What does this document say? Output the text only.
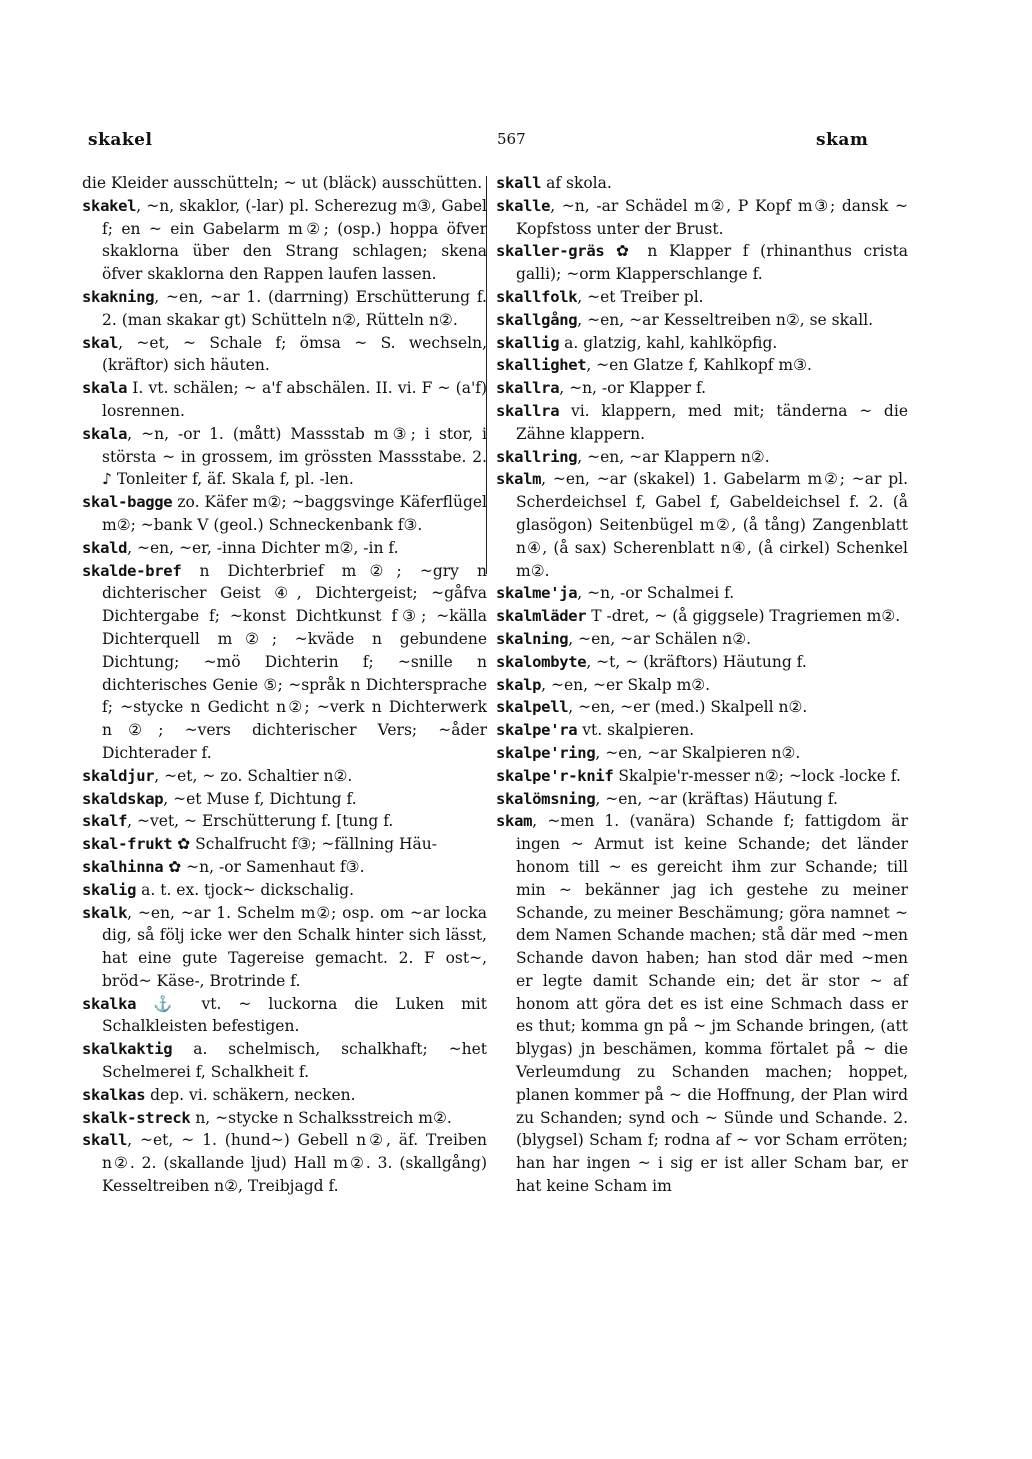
skakel	567	skam
die Kleider ausschütteln; ~ ut (bläck) ausschütten.
skakel, ~n, skaklor, (-lar) pl. Scherezug m③, Gabel f; en ~ ein Gabelarm m②; (osp.) hoppa öfver skaklorna über den Strang schlagen; skena öfver skaklorna den Rappen laufen lassen.
skakning, ~en, ~ar 1. (darrning) Erschütterung f. 2. (man skakar gt) Schütteln n②, Rütteln n②.
skal, ~et, ~ Schale f; ömsa ~ S. wechseln, (kräftor) sich häuten.
skala I. vt. schälen; ~ a'f abschälen. II. vi. F ~ (a'f) losrennen.
skala, ~n, -or 1. (mått) Massstab m③; i stor, i största ~ in grossem, im grössten Massstabe. 2. ♪ Tonleiter f, äf. Skala f, pl. -len.
skal-bagge zo. Käfer m②; ~baggsvinge Käferflügel m②; ~bank V (geol.) Schneckenbank f③.
skald, ~en, ~er, -inna Dichter m②, -in f.
skalde-bref n Dichterbrief m②; ~gry n dichterischer Geist ④, Dichtergeist; ~gåfva Dichtergabe f; ~konst Dichtkunst f③; ~källa Dichterquell m②; ~kväde n gebundene Dichtung; ~mö Dichterin f; ~snille n dichterisches Genie ⑤; ~språk n Dichtersprache f; ~stycke n Gedicht n②; ~verk n Dichterwerk n②; ~vers dichterischer Vers; ~åder Dichterader f.
skaldjur, ~et, ~ zo. Schaltier n②.
skaldskap, ~et Muse f, Dichtung f.
skalf, ~vet, ~ Erschütterung f. [tung f.
skal-frukt ✿ Schalfrucht f③; ~fällning Häu-
skalhinna ✿ ~n, -or Samenhaut f③.
skalig a. t. ex. tjock~ dickschalig.
skalk, ~en, ~ar 1. Schelm m②; osp. om ~ar locka dig, så följ icke wer den Schalk hinter sich lässt, hat eine gute Tagereise gemacht. 2. F ost~, bröd~ Käse-, Brotrinde f.
skalka ⚓ vt. ~ luckorna die Luken mit Schalkleisten befestigen.
skalkaktig a. schelmisch, schalkhaft; ~het Schelmerei f, Schalkheit f.
skalkas dep. vi. schäkern, necken.
skalk-streck n, ~stycke n Schalksstreich m②.
skall, ~et, ~ 1. (hund~) Gebell n②, äf. Treiben n②. 2. (skallande ljud) Hall m②. 3. (skallgång) Kesseltreiben n②, Treibjagd f.
skall af skola.
skalle, ~n, -ar Schädel m②, P Kopf m③; dansk ~ Kopfstoss unter der Brust.
skaller-gräs ✿ n Klapper f (rhinanthus crista galli); ~orm Klapperschlange f.
skallfolk, ~et Treiber pl.
skallgång, ~en, ~ar Kesseltreiben n②, se skall.
skallig a. glatzig, kahl, kahlköpfig.
skallighet, ~en Glatze f, Kahlkopf m③.
skallra, ~n, -or Klapper f.
skallra vi. klappern, med mit; tänderna ~ die Zähne klappern.
skallring, ~en, ~ar Klappern n②.
skalm, ~en, ~ar (skakel) 1. Gabelarm m②; ~ar pl. Scherdeichsel f, Gabel f, Gabeldeichsel f. 2. (å glasögon) Seitenbügel m②, (å tång) Zangenblatt n④, (å sax) Scherenblatt n④, (å cirkel) Schenkel m②.
skalme'ja, ~n, -or Schalmei f.
skalmläder T -dret, ~ (å giggsele) Tragriemen m②.
skalning, ~en, ~ar Schälen n②.
skalombyte, ~t, ~ (kräftors) Häutung f.
skalp, ~en, ~er Skalp m②.
skalpell, ~en, ~er (med.) Skalpell n②.
skalpe'ra vt. skalpieren.
skalpe'ring, ~en, ~ar Skalpieren n②.
skalpe'r-knif Skalpie'r-messer n②; ~lock -locke f.
skalömsning, ~en, ~ar (kräftas) Häutung f.
skam, ~men 1. (vanära) Schande f; fattigdom är ingen ~ Armut ist keine Schande; det länder honom till ~ es gereicht ihm zur Schande; till min ~ bekänner jag ich gestehe zu meiner Schande, zu meiner Beschämung; göra namnet ~ dem Namen Schande machen; stå där med ~men Schande davon haben; han stod där med ~men er legte damit Schande ein; det är stor ~ af honom att göra det es ist eine Schmach dass er es thut; komma gn på ~ jm Schande bringen, (att blygas) jn beschämen, komma förtalet på ~ die Verleumdung zu Schanden machen; hoppet, planen kommer på ~ die Hoffnung, der Plan wird zu Schanden; synd och ~ Sünde und Schande. 2. (blygsel) Scham f; rodna af ~ vor Scham erröten; han har ingen ~ i sig er ist aller Scham bar, er hat keine Scham im
